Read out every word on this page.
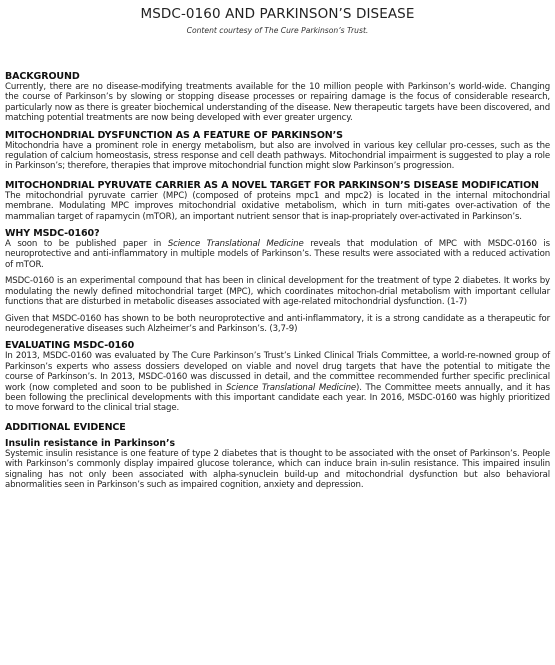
MSDC-0160 AND PARKINSON’S DISEASE
Content courtesy of The Cure Parkinson’s Trust.
BACKGROUND

Currently, there are no disease-modifying treatments available for the 10 million people with Parkinson’s world-wide. Changing the course of Parkinson’s by slowing or stopping disease processes or repairing damage is the focus of considerable research, particularly now as there is greater biochemical understanding of the disease. New therapeutic targets have been discovered, and matching potential treatments are now being developed with ever greater urgency.

MITOCHONDRIAL DYSFUNCTION AS A FEATURE OF PARKINSON’S

Mitochondria have a prominent role in energy metabolism, but also are involved in various key cellular pro-cesses, such as the regulation of calcium homeostasis, stress response and cell death pathways. Mitochondrial impairment is suggested to play a role in Parkinson’s; therefore, therapies that improve mitochondrial function might slow Parkinson’s progression.

MITOCHONDRIAL PYRUVATE CARRIER AS A NOVEL TARGET FOR PARKINSON’S DISEASE MODIFICATION

The mitochondrial pyruvate carrier (MPC) (composed of proteins mpc1 and mpc2) is located in the internal mitochondrial membrane. Modulating MPC improves mitochondrial oxidative metabolism, which in turn miti-gates over-activation of the mammalian target of rapamycin (mTOR), an important nutrient sensor that is inap-propriately over-activated in Parkinson’s.

WHY MSDC-0160?

A soon to be published paper in Science Translational Medicine reveals that modulation of MPC with MSDC-0160 is neuroprotective and anti-inflammatory in multiple models of Parkinson’s. These results were associated with a reduced activation of mTOR.

MSDC-0160 is an experimental compound that has been in clinical development for the treatment of type 2 diabetes. It works by modulating the newly defined mitochondrial target (MPC), which coordinates mitochon-drial metabolism with important cellular functions that are disturbed in metabolic diseases associated with age-related mitochondrial dysfunction. (1-7)

Given that MSDC-0160 has shown to be both neuroprotective and anti-inflammatory, it is a strong candidate as a therapeutic for neurodegenerative diseases such Alzheimer’s and Parkinson’s. (3,7-9)

EVALUATING MSDC-0160

In 2013, MSDC-0160 was evaluated by The Cure Parkinson’s Trust’s Linked Clinical Trials Committee, a world-re-nowned group of Parkinson’s experts who assess dossiers developed on viable and novel drug targets that have the potential to mitigate the course of Parkinson’s. In 2013, MSDC-0160 was discussed in detail, and the committee recommended further specific preclinical work (now completed and soon to be published in Science Translational Medicine). The Committee meets annually, and it has been following the preclinical developments with this important candidate each year. In 2016, MSDC-0160 was highly prioritized to move forward to the clinical trial stage.

ADDITIONAL EVIDENCE
Insulin resistance in Parkinson’s

Systemic insulin resistance is one feature of type 2 diabetes that is thought to be associated with the onset of Parkinson’s. People with Parkinson’s commonly display impaired glucose tolerance, which can induce brain in-sulin resistance. This impaired insulin signaling has not only been associated with alpha-synuclein build-up and mitochondrial dysfunction but also behavioral abnormalities seen in Parkinson’s such as impaired cognition, anxiety and depression.
